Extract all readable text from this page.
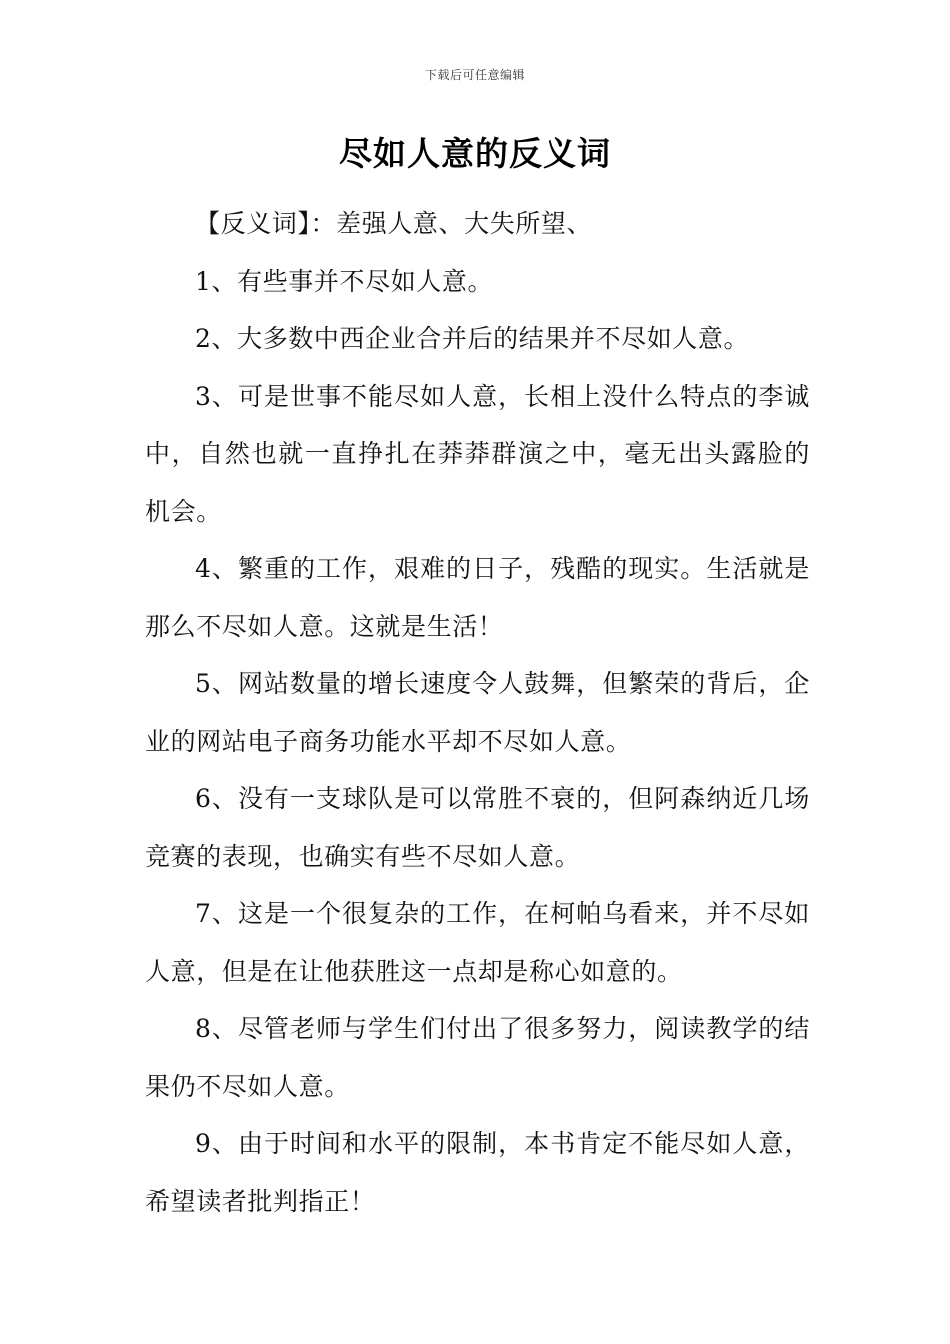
下载后可任意编辑
尽如人意的反义词

【反义词】：差强人意、大失所望、

1、有些事并不尽如人意。

2、大多数中西企业合并后的结果并不尽如人意。

3、可是世事不能尽如人意，长相上没什么特点的李诚中，自然也就一直挣扎在莽莽群演之中，毫无出头露脸的机会。

4、繁重的工作，艰难的日子，残酷的现实。生活就是那么不尽如人意。这就是生活！

5、网站数量的增长速度令人鼓舞，但繁荣的背后，企业的网站电子商务功能水平却不尽如人意。

6、没有一支球队是可以常胜不衰的，但阿森纳近几场竞赛的表现，也确实有些不尽如人意。

7、这是一个很复杂的工作，在柯帕乌看来，并不尽如人意，但是在让他获胜这一点却是称心如意的。

8、尽管老师与学生们付出了很多努力，阅读教学的结果仍不尽如人意。

9、由于时间和水平的限制，本书肯定不能尽如人意，希望读者批判指正！
